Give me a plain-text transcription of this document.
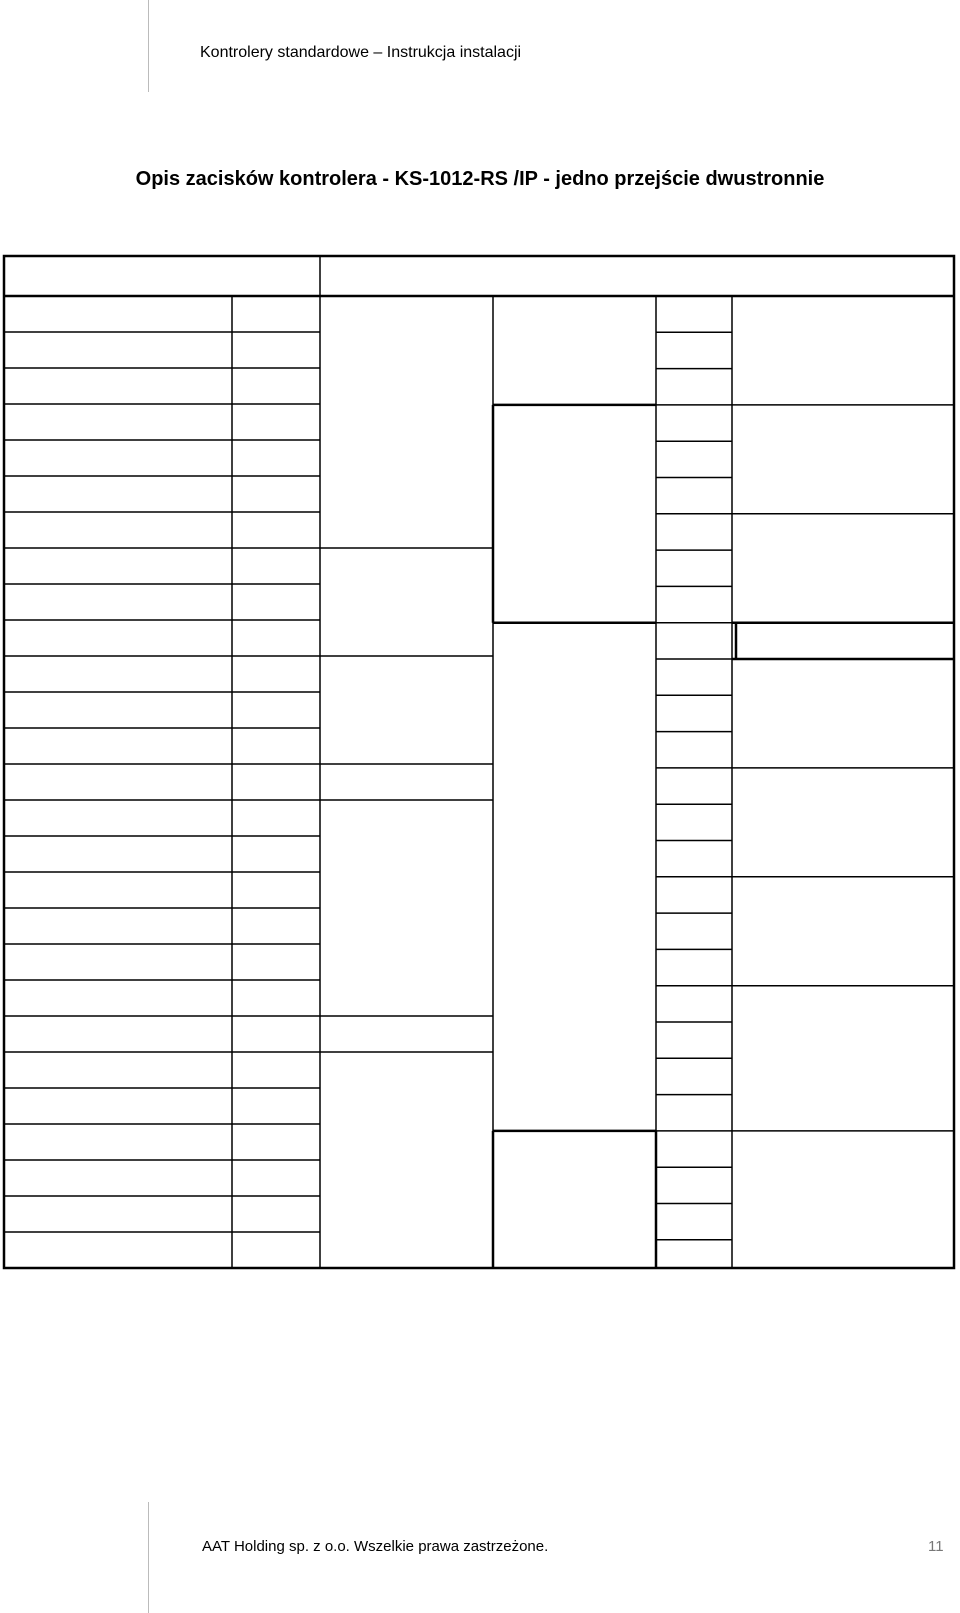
Kontrolery standardowe – Instrukcja instalacji
Opis zacisków kontrolera - KS-1012-RS /IP - jedno przejście dwustronnie
AAT Holding sp. z o.o. Wszelkie prawa zastrzeżone.	11
